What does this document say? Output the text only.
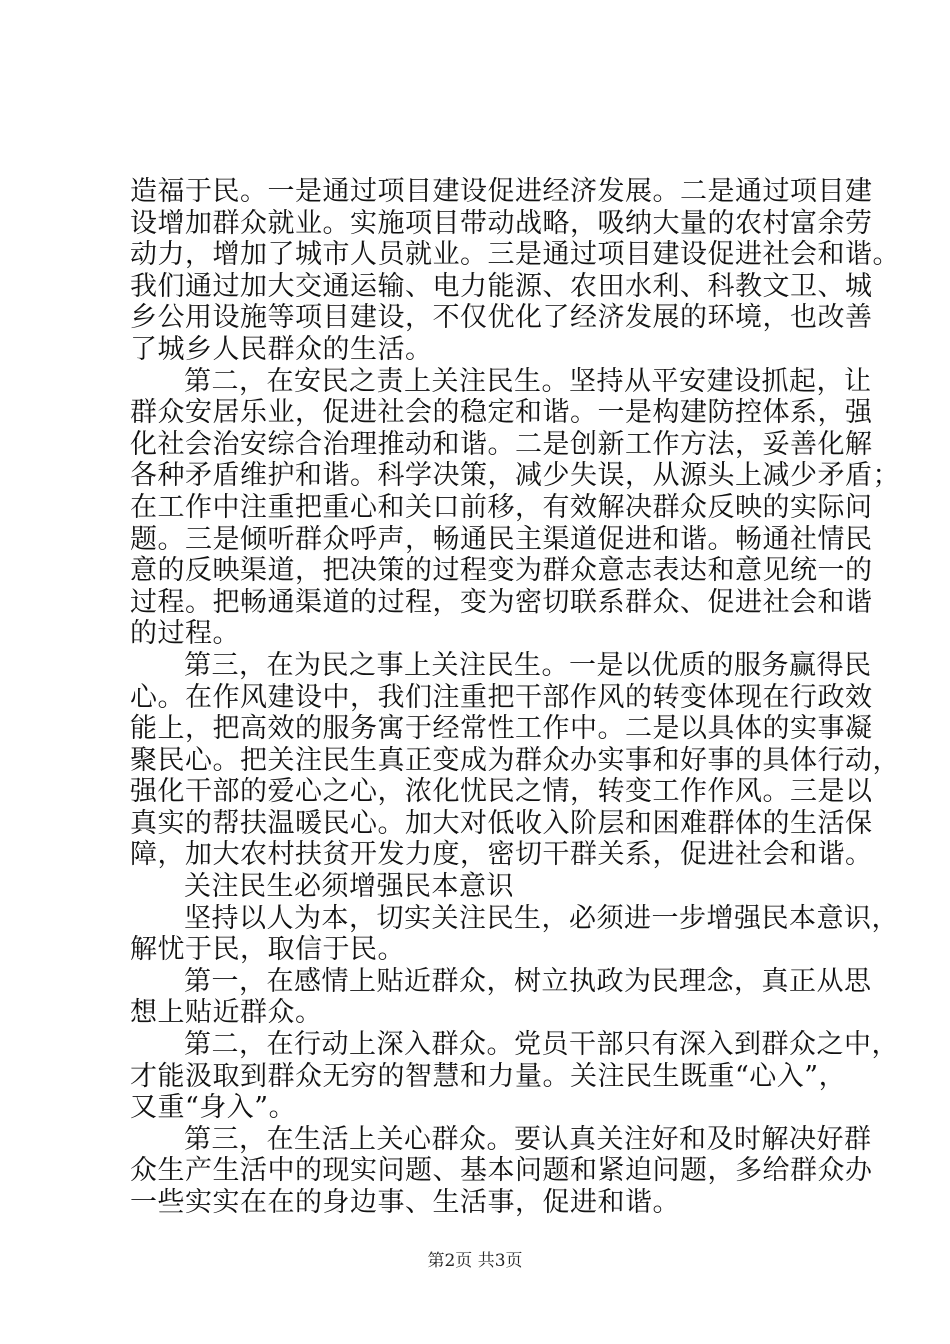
造福于民。一是通过项目建设促进经济发展。二是通过项目建
设增加群众就业。实施项目带动战略，吸纳大量的农村富余劳
动力，增加了城市人员就业。三是通过项目建设促进社会和谐。
我们通过加大交通运输、电力能源、农田水利、科教文卫、城
乡公用设施等项目建设，不仅优化了经济发展的环境，也改善
了城乡人民群众的生活。
第二，在安民之责上关注民生。坚持从平安建设抓起，让
群众安居乐业，促进社会的稳定和谐。一是构建防控体系，强
化社会治安综合治理推动和谐。二是创新工作方法，妥善化解
各种矛盾维护和谐。科学决策，减少失误，从源头上减少矛盾；
在工作中注重把重心和关口前移，有效解决群众反映的实际问
题。三是倾听群众呼声，畅通民主渠道促进和谐。畅通社情民
意的反映渠道，把决策的过程变为群众意志表达和意见统一的
过程。把畅通渠道的过程，变为密切联系群众、促进社会和谐
的过程。
第三，在为民之事上关注民生。一是以优质的服务赢得民
心。在作风建设中，我们注重把干部作风的转变体现在行政效
能上，把高效的服务寓于经常性工作中。二是以具体的实事凝
聚民心。把关注民生真正变成为群众办实事和好事的具体行动，
强化干部的爱心之心，浓化忧民之情，转变工作作风。三是以
真实的帮扶温暖民心。加大对低收入阶层和困难群体的生活保
障，加大农村扶贫开发力度，密切干群关系，促进社会和谐。
关注民生必须增强民本意识
坚持以人为本，切实关注民生，必须进一步增强民本意识，
解忧于民，取信于民。
第一，在感情上贴近群众，树立执政为民理念，真正从思
想上贴近群众。
第二，在行动上深入群众。党员干部只有深入到群众之中，
才能汲取到群众无穷的智慧和力量。关注民生既重“心入”，
又重“身入”。
第三，在生活上关心群众。要认真关注好和及时解决好群
众生产生活中的现实问题、基本问题和紧迫问题，多给群众办
一些实实在在的身边事、生活事，促进和谐。
第2页 共3页
